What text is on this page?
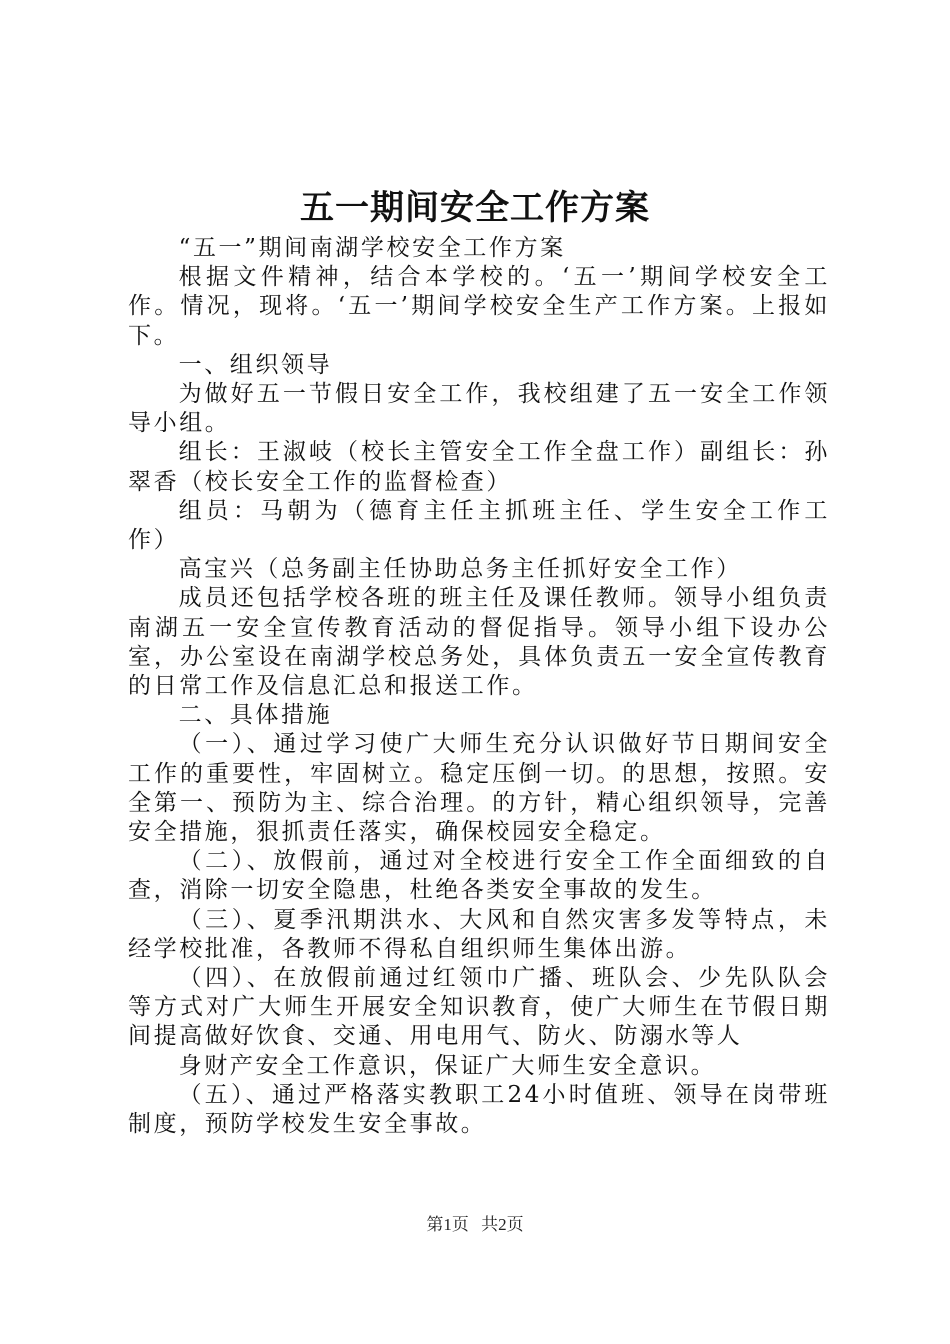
五一期间安全工作方案

“五一”期间南湖学校安全工作方案

根据文件精神，结合本学校的。‘五一’期间学校安全工作。情况，现将。‘五一’期间学校安全生产工作方案。上报如下。

一、组织领导

为做好五一节假日安全工作，我校组建了五一安全工作领导小组。

组长：王淑岐（校长主管安全工作全盘工作）副组长：孙翠香（校长安全工作的监督检查）

组员：马朝为（德育主任主抓班主任、学生安全工作工作）

高宝兴（总务副主任协助总务主任抓好安全工作）

成员还包括学校各班的班主任及课任教师。领导小组负责南湖五一安全宣传教育活动的督促指导。领导小组下设办公室，办公室设在南湖学校总务处，具体负责五一安全宣传教育的日常工作及信息汇总和报送工作。

二、具体措施

（一）、通过学习使广大师生充分认识做好节日期间安全工作的重要性，牢固树立。稳定压倒一切。的思想，按照。安全第一、预防为主、综合治理。的方针，精心组织领导，完善安全措施，狠抓责任落实，确保校园安全稳定。

（二）、放假前，通过对全校进行安全工作全面细致的自查，消除一切安全隐患，杜绝各类安全事故的发生。

（三）、夏季汛期洪水、大风和自然灾害多发等特点，未经学校批准，各教师不得私自组织师生集体出游。

（四）、在放假前通过红领巾广播、班队会、少先队队会等方式对广大师生开展安全知识教育，使广大师生在节假日期间提高做好饮食、交通、用电用气、防火、防溺水等人

身财产安全工作意识，保证广大师生安全意识。

（五）、通过严格落实教职工24小时值班、领导在岗带班制度，预防学校发生安全事故。

第1页 共2页
